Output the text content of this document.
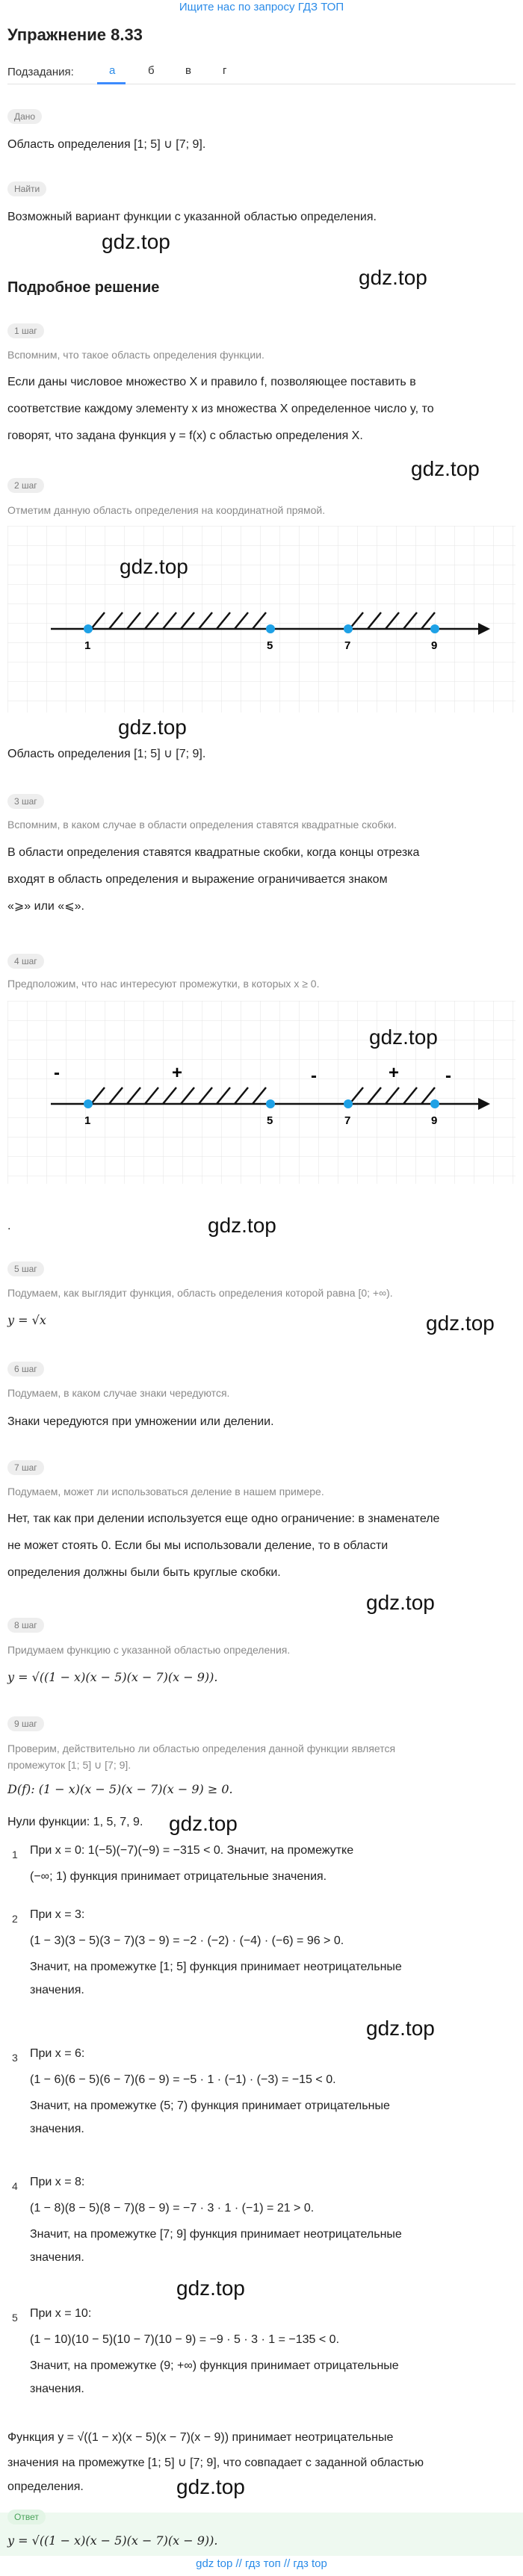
Ищите нас по запросу ГДЗ ТОП
Упражнение 8.33
Подзадания:	а	б	в	г
Дано
Область определения [1; 5] ∪ [7; 9].
Найти
Возможный вариант функции с указанной областью определения.
gdz.top
gdz.top
Подробное решение
1 шаг
Вспомним, что такое область определения функции.
Если даны числовое множество X и правило f, позволяющее поставить в
соответствие каждому элементу x из множества X определенное число y, то
говорят, что задана функция y = f(x) с областью определения X.
gdz.top
2 шаг
Отметим данную область определения на координатной прямой.
1	5	7	9
gdz.top
gdz.top
Область определения [1; 5] ∪ [7; 9].
3 шаг
Вспомним, в каком случае в области определения ставятся квадратные скобки.
В области определения ставятся квадратные скобки, когда концы отрезка
входят в область определения и выражение ограничивается знаком
«⩾» или «⩽».
4 шаг
Предположим, что нас интересуют промежутки, в которых x ≥ 0.
1	5	7	9
-	+	-	+	-
gdz.top
.	gdz.top
5 шаг
Подумаем, как выглядит функция, область определения которой равна [0; +∞).
gdz.top
y = √x
6 шаг
Подумаем, в каком случае знаки чередуются.
Знаки чередуются при умножении или делении.
7 шаг
Подумаем, может ли использоваться деление в нашем примере.
Нет, так как при делении используется еще одно ограничение: в знаменателе
не может стоять 0. Если бы мы использовали деление, то в области
определения должны были быть круглые скобки.
gdz.top
8 шаг
Придумаем функцию с указанной областью определения.
y = √((1 − x)(x − 5)(x − 7)(x − 9)).
9 шаг
Проверим, действительно ли областью определения данной функции является
промежуток [1; 5] ∪ [7; 9].
D(f): (1 − x)(x − 5)(x − 7)(x − 9) ≥ 0.
Нули функции: 1, 5, 7, 9.	gdz.top
1	При x = 0: 1(−5)(−7)(−9) = −315 < 0. Значит, на промежутке
(−∞; 1) функция принимает отрицательные значения.
2	При x = 3:
(1 − 3)(3 − 5)(3 − 7)(3 − 9) = −2 · (−2) · (−4) · (−6) = 96 > 0.
Значит, на промежутке [1; 5] функция принимает неотрицательные
значения.
gdz.top
3	При x = 6:
(1 − 6)(6 − 5)(6 − 7)(6 − 9) = −5 · 1 · (−1) · (−3) = −15 < 0.
Значит, на промежутке (5; 7) функция принимает отрицательные
значения.
4	При x = 8:
(1 − 8)(8 − 5)(8 − 7)(8 − 9) = −7 · 3 · 1 · (−1) = 21 > 0.
Значит, на промежутке [7; 9] функция принимает неотрицательные
значения.
gdz.top
5	При x = 10:
(1 − 10)(10 − 5)(10 − 7)(10 − 9) = −9 · 5 · 3 · 1 = −135 < 0.
Значит, на промежутке (9; +∞) функция принимает отрицательные
значения.
Функция y = √((1 − x)(x − 5)(x − 7)(x − 9)) принимает неотрицательные
значения на промежутке [1; 5] ∪ [7; 9], что совпадает с заданной областью
определения.	gdz.top
Ответ
y = √((1 − x)(x − 5)(x − 7)(x − 9)).
gdz top // гдз топ // гдз top
